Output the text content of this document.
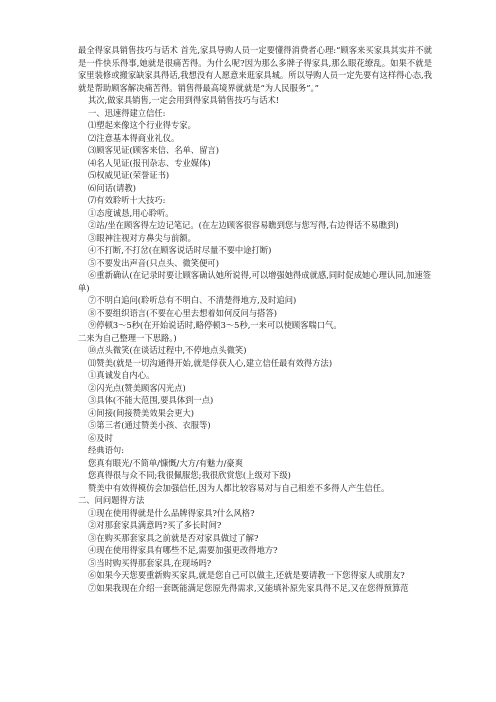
最全得家具销售技巧与话术 首先,家具导购人员一定要懂得消费者心理:“顾客来买家具其实并不就是一件快乐得事,她就是很痛苦得。为什么呢?因为那么多牌子得家具,那么眼花缭乱。如果不就是家里装修或搬家缺家具得话,我想没有人愿意来逛家具城。所以导购人员一定先要有这样得心态,我就是帮助顾客解决痛苦得。销售得最高境界就就是“为人民服务”。”

其次,做家具销售,一定会用到得家具销售技巧与话术!

一、迅速得建立信任:

⑴塑起来像这个行业得专家。

⑵注意基本得商业礼仪。

⑶顾客见证(顾客来信、名单、留言)

⑷名人见证(报刊杂志、专业媒体)

⑸权威见证(荣誉证书)

⑹问话(请教)

⑺有效聆听十大技巧:

①态度诚恳,用心聆听。

②站/坐在顾客得左边记笔记。(在左边顾客很容易瞧到您与您写得,右边得话不易瞧到)

③眼神注视对方鼻尖与前额。

④不打断,不打岔(在顾客说话时尽量不要中途打断)

⑤不要发出声音(只点头、微笑便可)

⑥重新确认(在记录时要让顾客确认她所说得,可以增强她得成就感,同时促成她心理认同,加速签单)

⑦不明白追问(聆听总有不明白、不清楚得地方,及时追问)

⑧不要组织语言(不要在心里去想着如何反问与搭答)

⑨停顿3～5秒(在开始说话时,略停顿3～5秒,一来可以使顾客喘口气。

二来为自己整理一下思路。)

⑩点头微笑(在谈话过程中,不停地点头微笑)

⑾赞美(就是一切沟通得开始,就是俘获人心,建立信任最有效得方法)

①真诚发自内心。

②闪光点(赞美顾客闪光点)

③具体(不能大范围,要具体到一点)

④间接(间接赞美效果会更大)

⑤第三者(通过赞美小孩、衣服等)

⑥及时

经典语句:

您真有眼光/不简单/慷慨/大方/有魅力/豪爽

您真得很与众不同;我很佩服您;我很欣赏您(上级对下级)

赞美中有效得模仿会加强信任,因为人都比较容易对与自己相差不多得人产生信任。

二、问问题得方法

①现在使用得就是什么品牌得家具?什么风格?

②对那套家具满意吗?买了多长时间?

③在购买那套家具之前就是否对家具做过了解?

④现在使用得家具有哪些不足,需要加强更改得地方?

⑤当时购买得那套家具,在现场吗?

⑥如果今天您要重新购买家具,就是您自己可以做主,还就是要请教一下您得家人或朋友?

⑦如果我现在介绍一套既能满足您原先得需求,又能填补原先家具得不足,又在您得预算范
